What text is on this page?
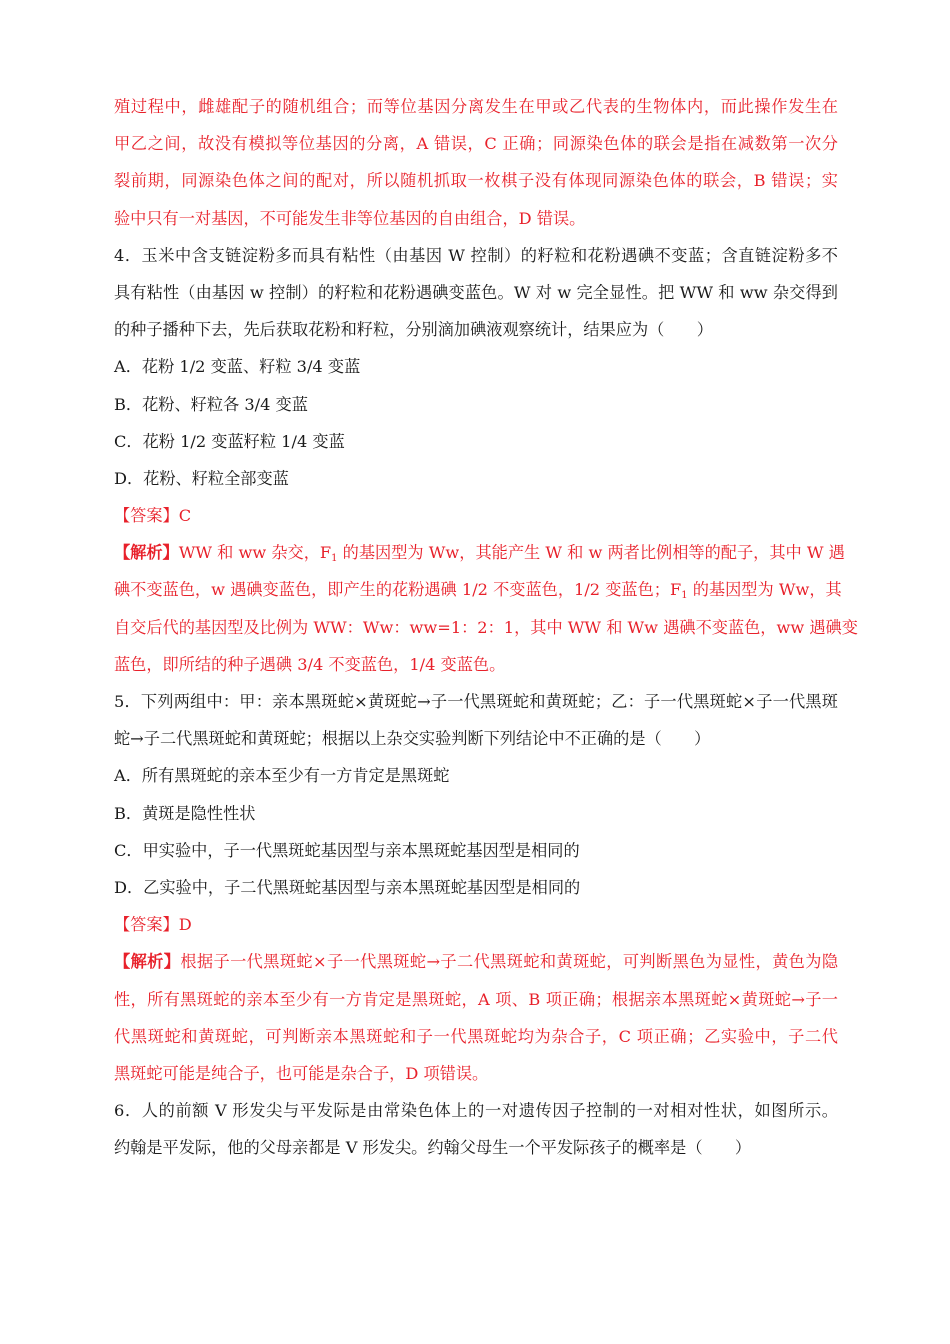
殖过程中，雌雄配子的随机组合；而等位基因分离发生在甲或乙代表的生物体内，而此操作发生在
甲乙之间，故没有模拟等位基因的分离，A 错误，C 正确；同源染色体的联会是指在减数第一次分
裂前期，同源染色体之间的配对，所以随机抓取一枚棋子没有体现同源染色体的联会，B 错误；实
验中只有一对基因，不可能发生非等位基因的自由组合，D 错误。
4．玉米中含支链淀粉多而具有粘性（由基因 W 控制）的籽粒和花粉遇碘不变蓝；含直链淀粉多不
具有粘性（由基因 w 控制）的籽粒和花粉遇碘变蓝色。W 对 w 完全显性。把 WW 和 ww 杂交得到
的种子播种下去，先后获取花粉和籽粒，分别滴加碘液观察统计，结果应为（　　）
A．花粉 1/2 变蓝、籽粒 3/4 变蓝
B．花粉、籽粒各 3/4 变蓝
C．花粉 1/2 变蓝籽粒 1/4 变蓝
D．花粉、籽粒全部变蓝
【答案】C
【解析】WW 和 ww 杂交，$F_1$ 的基因型为 Ww，其能产生 W 和 w 两者比例相等的配子，其中 W 遇
碘不变蓝色，w 遇碘变蓝色，即产生的花粉遇碘 1/2 不变蓝色，1/2 变蓝色；$F_1$ 的基因型为 Ww，其
自交后代的基因型及比例为 WW：Ww：ww=1：2：1，其中 WW 和 Ww 遇碘不变蓝色，ww 遇碘变
蓝色，即所结的种子遇碘 3/4 不变蓝色，1/4 变蓝色。
5．下列两组中：甲：亲本黑斑蛇×黄斑蛇→子一代黑斑蛇和黄斑蛇；乙：子一代黑斑蛇×子一代黑斑
蛇→子二代黑斑蛇和黄斑蛇；根据以上杂交实验判断下列结论中不正确的是（　　）
A．所有黑斑蛇的亲本至少有一方肯定是黑斑蛇
B．黄斑是隐性性状
C．甲实验中，子一代黑斑蛇基因型与亲本黑斑蛇基因型是相同的
D．乙实验中，子二代黑斑蛇基因型与亲本黑斑蛇基因型是相同的
【答案】D
【解析】根据子一代黑斑蛇×子一代黑斑蛇→子二代黑斑蛇和黄斑蛇，可判断黑色为显性，黄色为隐
性，所有黑斑蛇的亲本至少有一方肯定是黑斑蛇，A 项、B 项正确；根据亲本黑斑蛇×黄斑蛇→子一
代黑斑蛇和黄斑蛇，可判断亲本黑斑蛇和子一代黑斑蛇均为杂合子，C 项正确；乙实验中，子二代
黑斑蛇可能是纯合子，也可能是杂合子，D 项错误。
6．人的前额 V 形发尖与平发际是由常染色体上的一对遗传因子控制的一对相对性状，如图所示。
约翰是平发际，他的父母亲都是 V 形发尖。约翰父母生一个平发际孩子的概率是（　　）
